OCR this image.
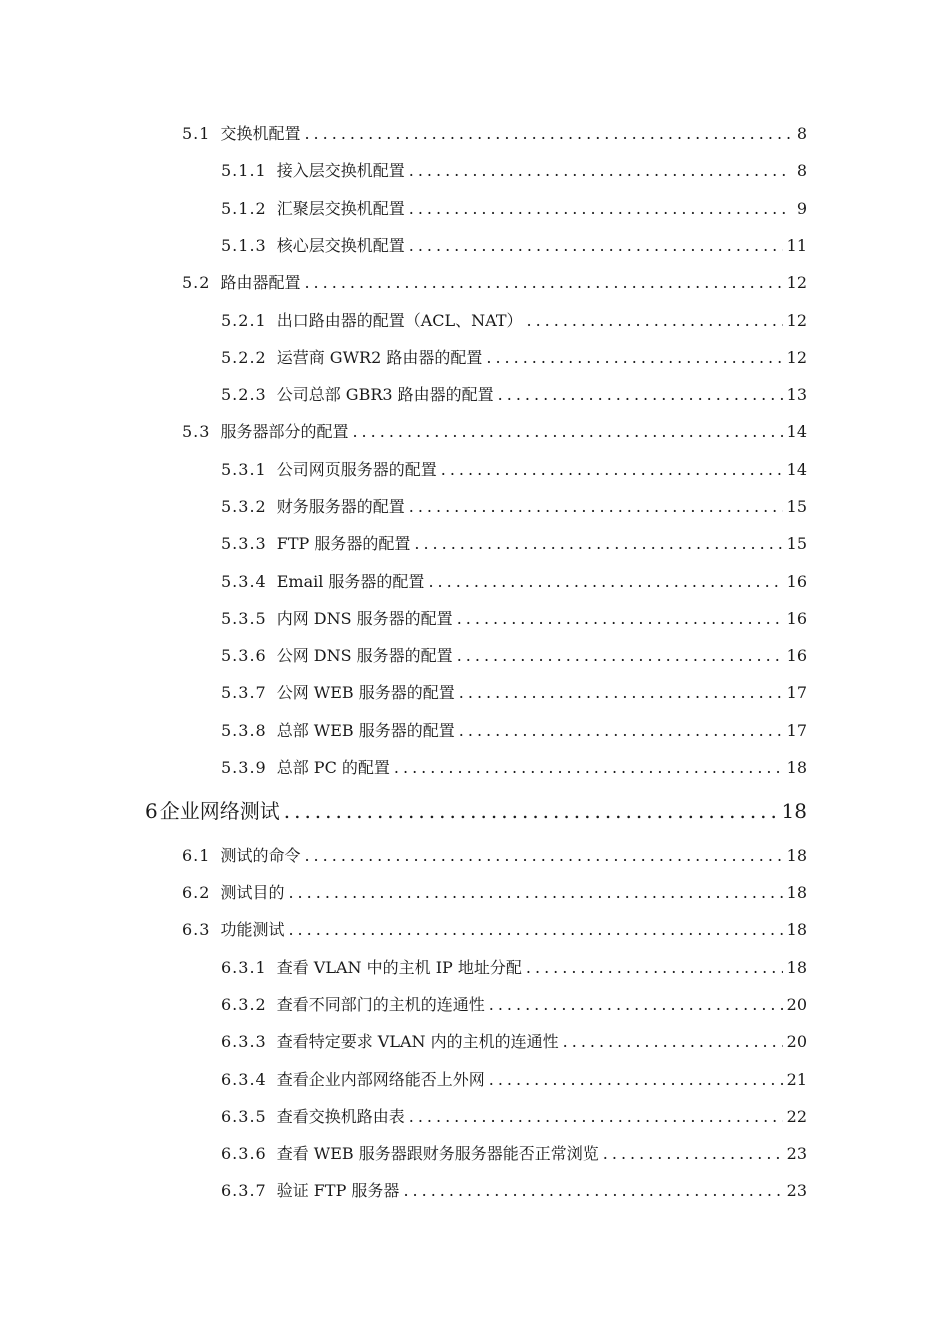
5.1 交换机配置 .....	8
5.1.1 接入层交换机配置 .....	8
5.1.2 汇聚层交换机配置 .....	9
5.1.3 核心层交换机配置 .....	11
5.2 路由器配置 .....	12
5.2.1 出口路由器的配置（ACL、NAT） .....	12
5.2.2 运营商 GWR2 路由器的配置 .....	12
5.2.3 公司总部 GBR3 路由器的配置 .....	13
5.3 服务器部分的配置 .....	14
5.3.1 公司网页服务器的配置 .....	14
5.3.2 财务服务器的配置 .....	15
5.3.3 FTP 服务器的配置 .....	15
5.3.4 Email 服务器的配置 .....	16
5.3.5 内网 DNS 服务器的配置 .....	16
5.3.6 公网 DNS 服务器的配置 .....	16
5.3.7 公网 WEB 服务器的配置 .....	17
5.3.8 总部 WEB 服务器的配置 .....	17
5.3.9 总部 PC 的配置 .....	18
6 企业网络测试 .....	18
6.1 测试的命令 .....	18
6.2 测试目的 .....	18
6.3 功能测试 .....	18
6.3.1 查看 VLAN 中的主机 IP 地址分配 .....	18
6.3.2 查看不同部门的主机的连通性 .....	20
6.3.3 查看特定要求 VLAN 内的主机的连通性 .....	20
6.3.4 查看企业内部网络能否上外网 .....	21
6.3.5 查看交换机路由表 .....	22
6.3.6 查看 WEB 服务器跟财务服务器能否正常浏览 .....	23
6.3.7 验证 FTP 服务器 .....	23
